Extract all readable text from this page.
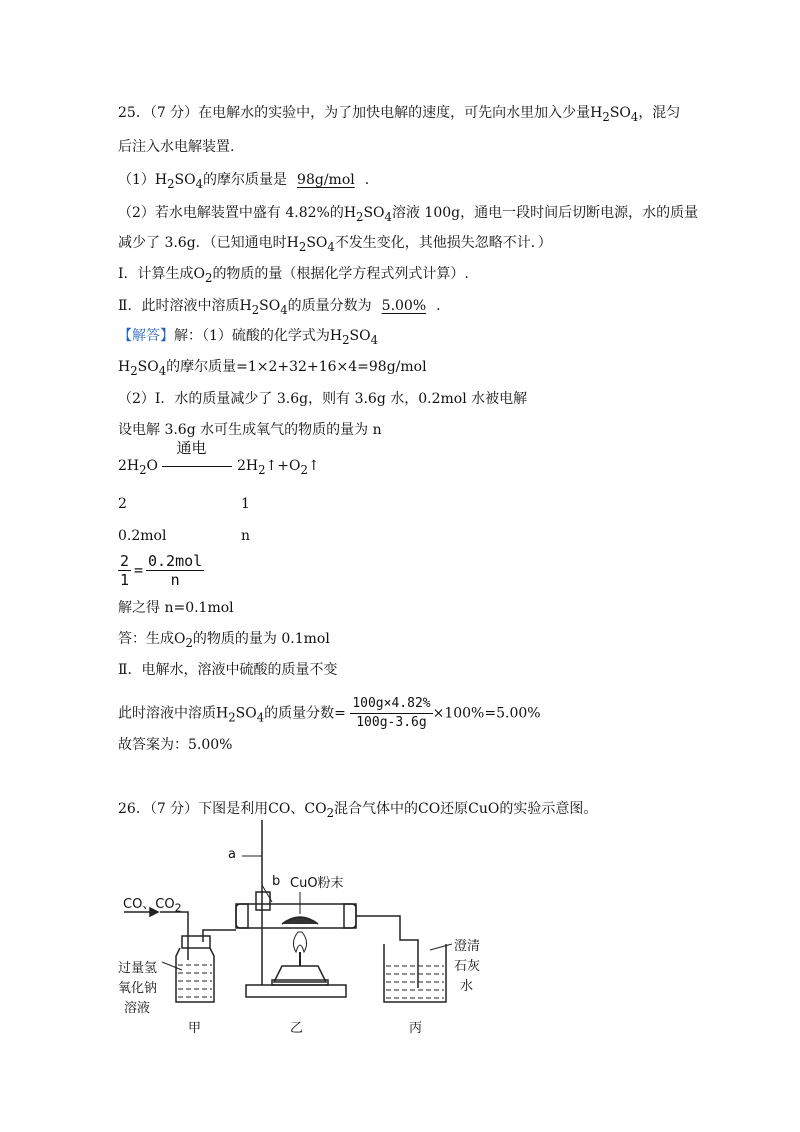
25．（7 分）在电解水的实验中，为了加快电解的速度，可先向水里加入少量$H_2SO_4$，混匀
后注入水电解装置.
$(1)H_2SO_4$的摩尔质量是 98g/mol .
（2）若水电解装置中盛有 4.82%的$H_2SO_4$溶液 100g，通电一段时间后切断电源，水的质量
减少了 3.6g．（已知通电时$H_2SO_4$不发生变化，其他损失忽略不计．）
Ⅰ．计算生成$O_2$的物质的量（根据化学方程式列式计算）.
Ⅱ．此时溶液中溶质$H_2SO_4$的质量分数为 5.00% .
【解答】解：（1）硫酸的化学式为$H_2SO_4$
$H_2SO_4$的摩尔质量=1×2+32+16×4=98g/mol
（2）Ⅰ．水的质量减少了 3.6g，则有 3.6g 水，0.2mol 水被电解
设电解 3.6g 水可生成氧气的物质的量为 n
$2H_2O$
通电
$2H_2↑+O_2↑$
2	1
0.2mol	n
$\frac{2}{1} = 0.2mol$
n
解之得 n=0.1mol
答：生成$O_2$的物质的量为 0.1mol
Ⅱ．电解水，溶液中硫酸的质量不变
此时溶液中溶质$H_2SO_4$的质量分数= $\frac{100g\times 4.82\%}{100g-3.6g} \times 100\%=5.00\%$
故答案为：5.00%
26．（7 分）下图是利用CO、$CO_2$混合气体中的CO还原CuO的实验示意图。
a
b CuO粉末
CO、$CO_2$
过量氢
氧化钠
溶液
澄清
石灰
水
甲	乙	丙
